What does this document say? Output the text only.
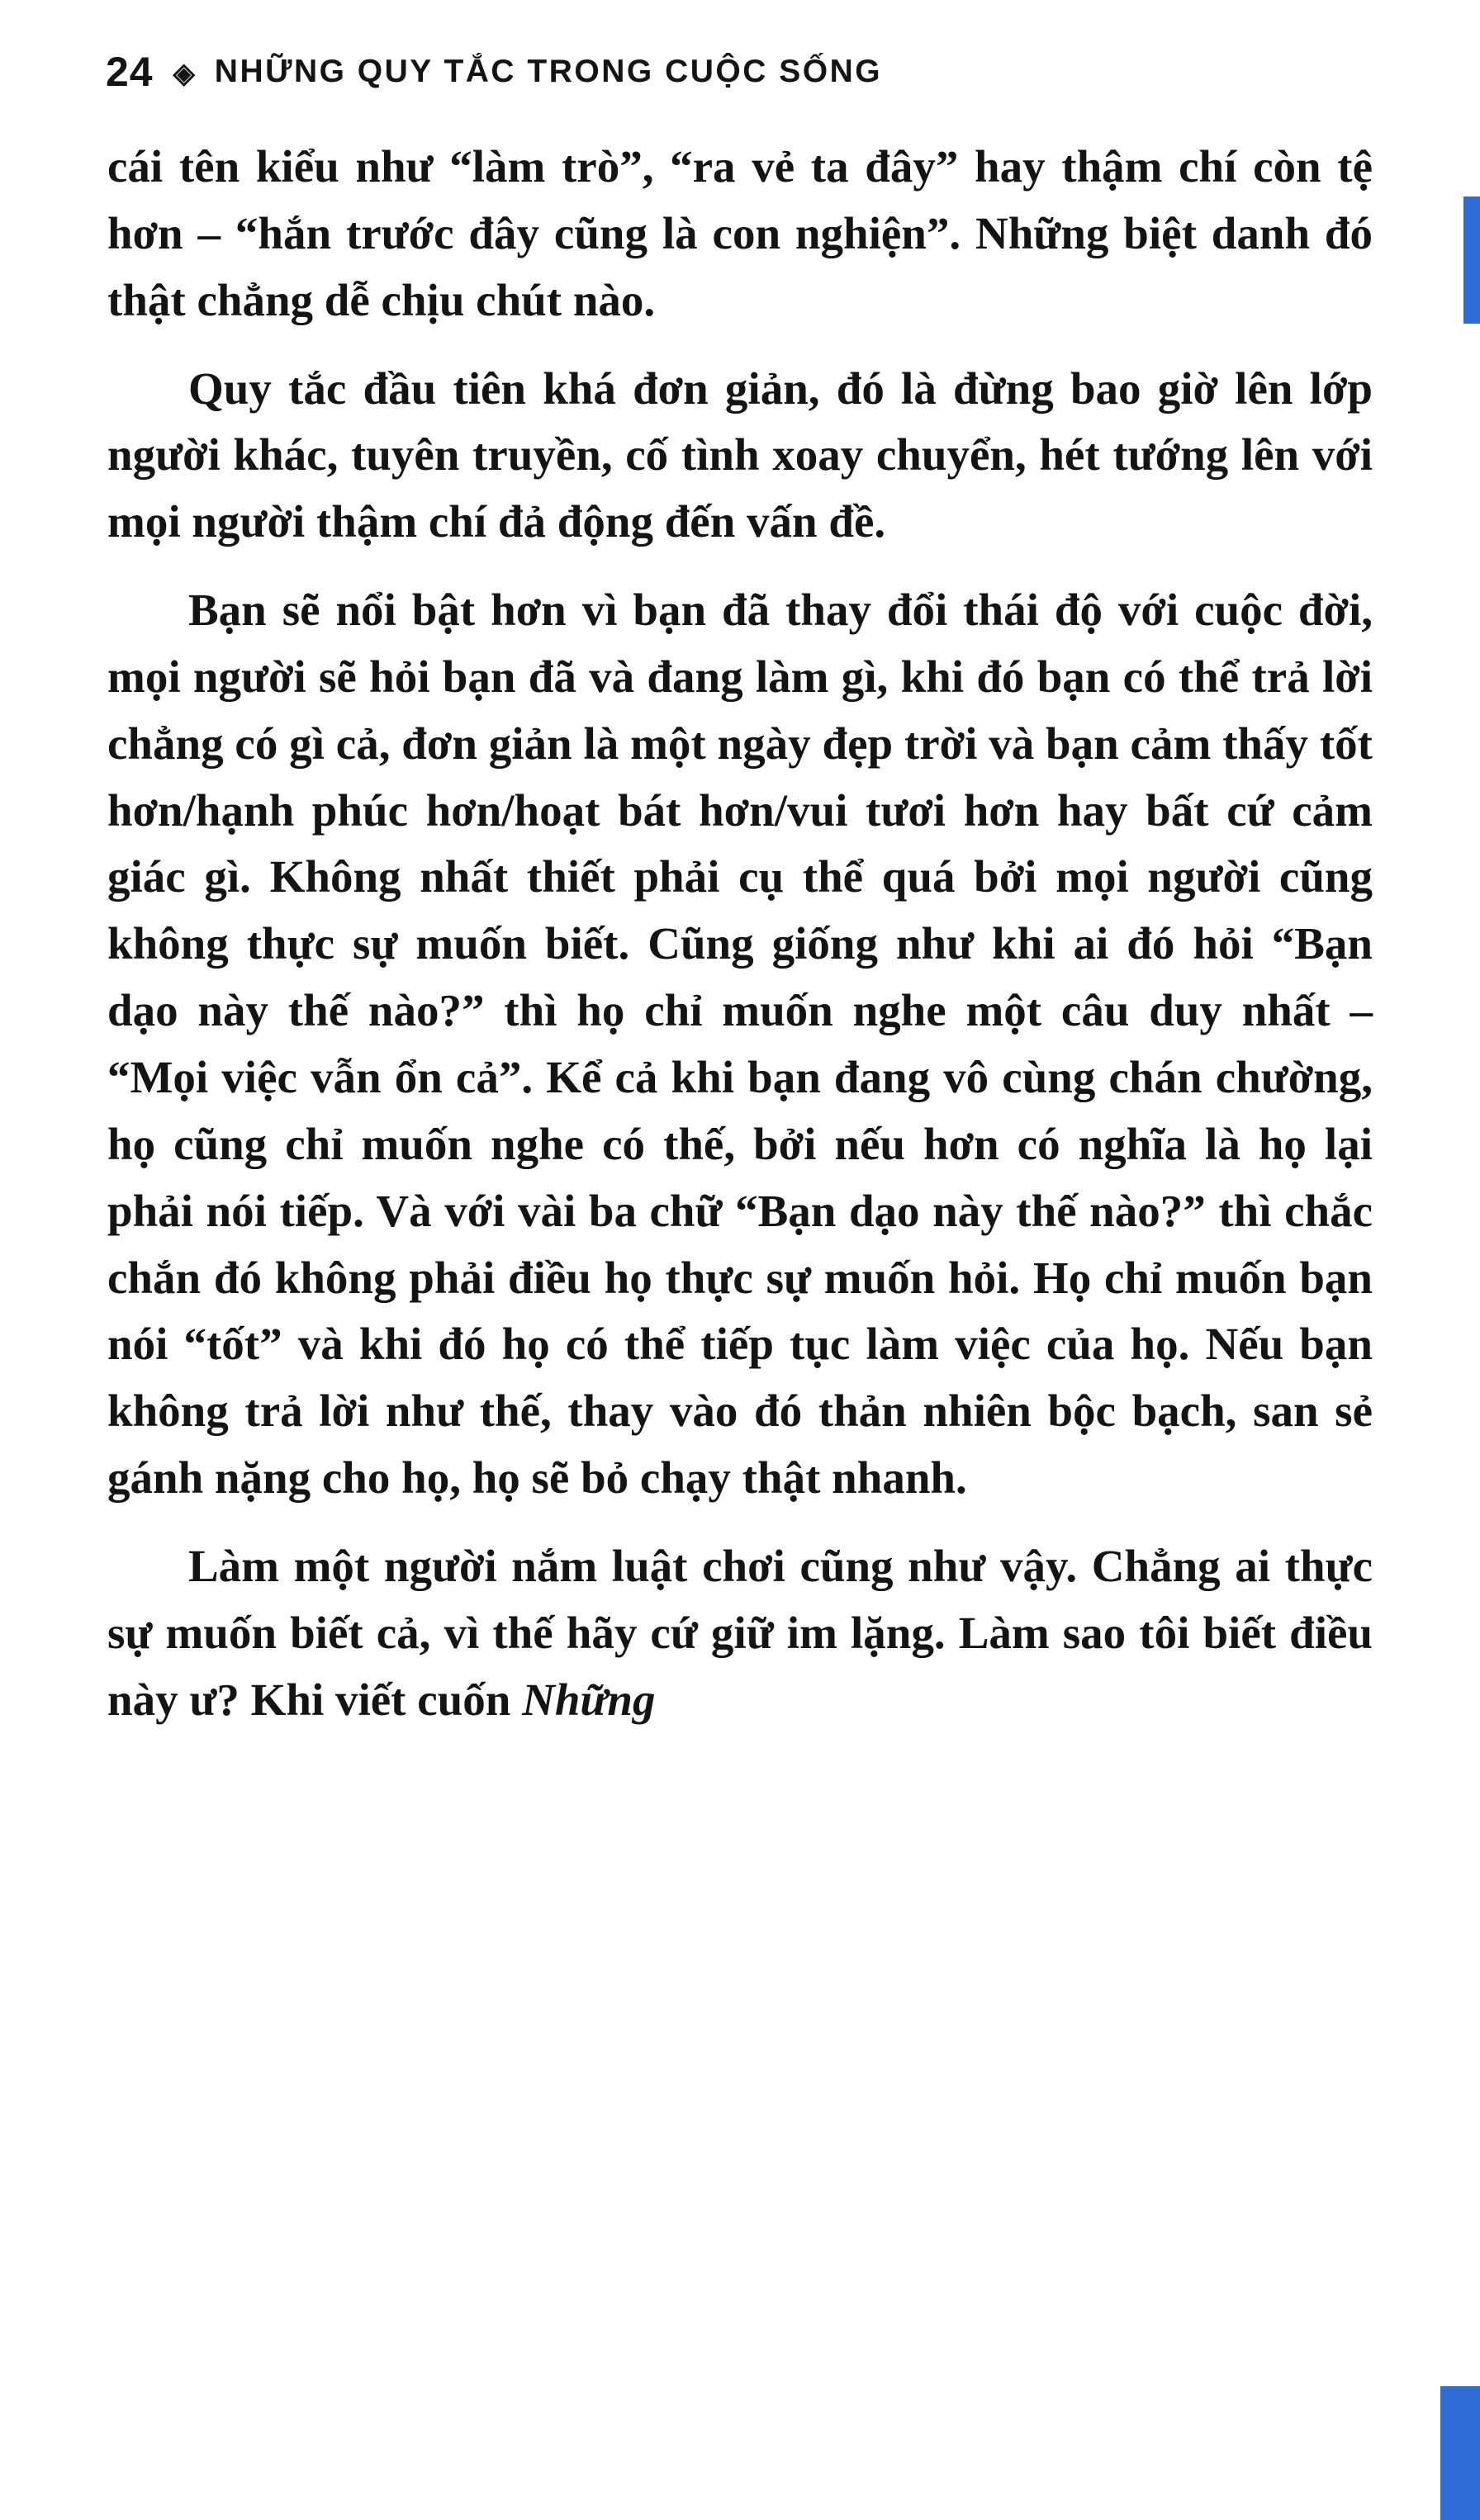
24 ◈ NHỮNG QUY TẮC TRONG CUỘC SỐNG

cái tên kiểu như “làm trò”, “ra vẻ ta đây” hay thậm chí còn tệ hơn – “hắn trước đây cũng là con nghiện”. Những biệt danh đó thật chẳng dễ chịu chút nào.

Quy tắc đầu tiên khá đơn giản, đó là đừng bao giờ lên lớp người khác, tuyên truyền, cố tình xoay chuyển, hét tướng lên với mọi người thậm chí đả động đến vấn đề.

Bạn sẽ nổi bật hơn vì bạn đã thay đổi thái độ với cuộc đời, mọi người sẽ hỏi bạn đã và đang làm gì, khi đó bạn có thể trả lời chẳng có gì cả, đơn giản là một ngày đẹp trời và bạn cảm thấy tốt hơn/hạnh phúc hơn/hoạt bát hơn/vui tươi hơn hay bất cứ cảm giác gì. Không nhất thiết phải cụ thể quá bởi mọi người cũng không thực sự muốn biết. Cũng giống như khi ai đó hỏi “Bạn dạo này thế nào?” thì họ chỉ muốn nghe một câu duy nhất – “Mọi việc vẫn ổn cả”. Kể cả khi bạn đang vô cùng chán chường, họ cũng chỉ muốn nghe có thế, bởi nếu hơn có nghĩa là họ lại phải nói tiếp. Và với vài ba chữ “Bạn dạo này thế nào?” thì chắc chắn đó không phải điều họ thực sự muốn hỏi. Họ chỉ muốn bạn nói “tốt” và khi đó họ có thể tiếp tục làm việc của họ. Nếu bạn không trả lời như thế, thay vào đó thản nhiên bộc bạch, san sẻ gánh nặng cho họ, họ sẽ bỏ chạy thật nhanh.

Làm một người nắm luật chơi cũng như vậy. Chẳng ai thực sự muốn biết cả, vì thế hãy cứ giữ im lặng. Làm sao tôi biết điều này ư? Khi viết cuốn Những
